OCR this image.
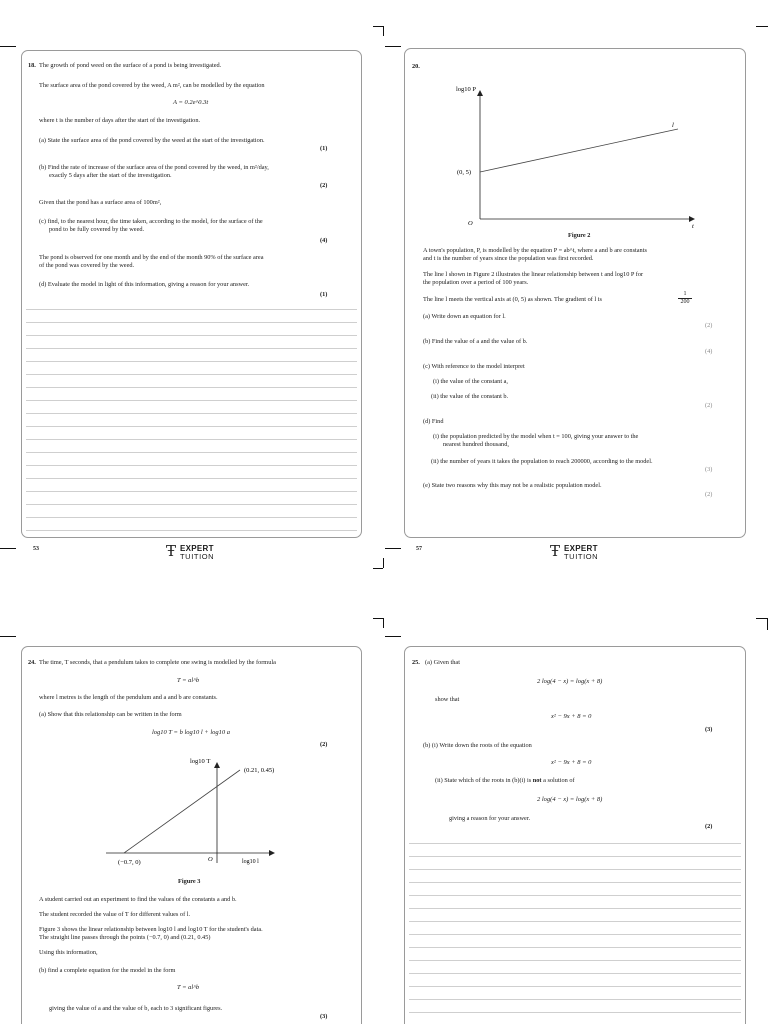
18. The growth of pond weed on the surface of a pond is being investigated.
The surface area of the pond covered by the weed, A m², can be modelled by the equation
A = 0.2e^0.3t
where t is the number of days after the start of the investigation.
(a) State the surface area of the pond covered by the weed at the start of the investigation.
(1)
(b) Find the rate of increase of the surface area of the pond covered by the weed, in m²/day,
exactly 5 days after the start of the investigation.
(2)
Given that the pond has a surface area of 100m²,
(c) find, to the nearest hour, the time taken, according to the model, for the surface of the
pond to be fully covered by the weed.
(4)
The pond is observed for one month and by the end of the month 90% of the surface area
of the pond was covered by the weed.
(d) Evaluate the model in light of this information, giving a reason for your answer.
(1)
53	Ŧ EXPERT
TUITION
20.
log10 P
(0, 5)
l
O	t
Figure 2
A town's population, P, is modelled by the equation P = ab^t, where a and b are constants
and t is the number of years since the population was first recorded.
The line l shown in Figure 2 illustrates the linear relationship between t and log10 P for
the population over a period of 100 years.
The line l meets the vertical axis at (0, 5) as shown. The gradient of l is	$\frac{1}{200}$
(a) Write down an equation for l.
(2)
(b) Find the value of a and the value of b.
(4)
(c) With reference to the model interpret
(i) the value of the constant a,
(ii) the value of the constant b.
(2)
(d) Find
(i) the population predicted by the model when t = 100, giving your answer to the
nearest hundred thousand,
(ii) the number of years it takes the population to reach 200000, according to the model.
(3)
(e) State two reasons why this may not be a realistic population model.
(2)
57	Ŧ EXPERT
TUITION
24. The time, T seconds, that a pendulum takes to complete one swing is modelled by the formula
T = al^b
where l metres is the length of the pendulum and a and b are constants.
(a) Show that this relationship can be written in the form
log10 T = b log10 l + log10 a
(2)
log10 T
(0.21, 0.45)
(−0.7, 0)	O	log10 l
Figure 3
A student carried out an experiment to find the values of the constants a and b.
The student recorded the value of T for different values of l.
Figure 3 shows the linear relationship between log10 l and log10 T for the student's data.
The straight line passes through the points (−0.7, 0) and (0.21, 0.45)
Using this information,
(b) find a complete equation for the model in the form
T = al^b
giving the value of a and the value of b, each to 3 significant figures.
(3)
25. (a) Given that
2 log(4 − x) = log(x + 8)
show that
x² − 9x + 8 = 0
(3)
(b) (i) Write down the roots of the equation
x² − 9x + 8 = 0
(ii) State which of the roots in (b)(i) is not a solution of
2 log(4 − x) = log(x + 8)
giving a reason for your answer.
(2)
